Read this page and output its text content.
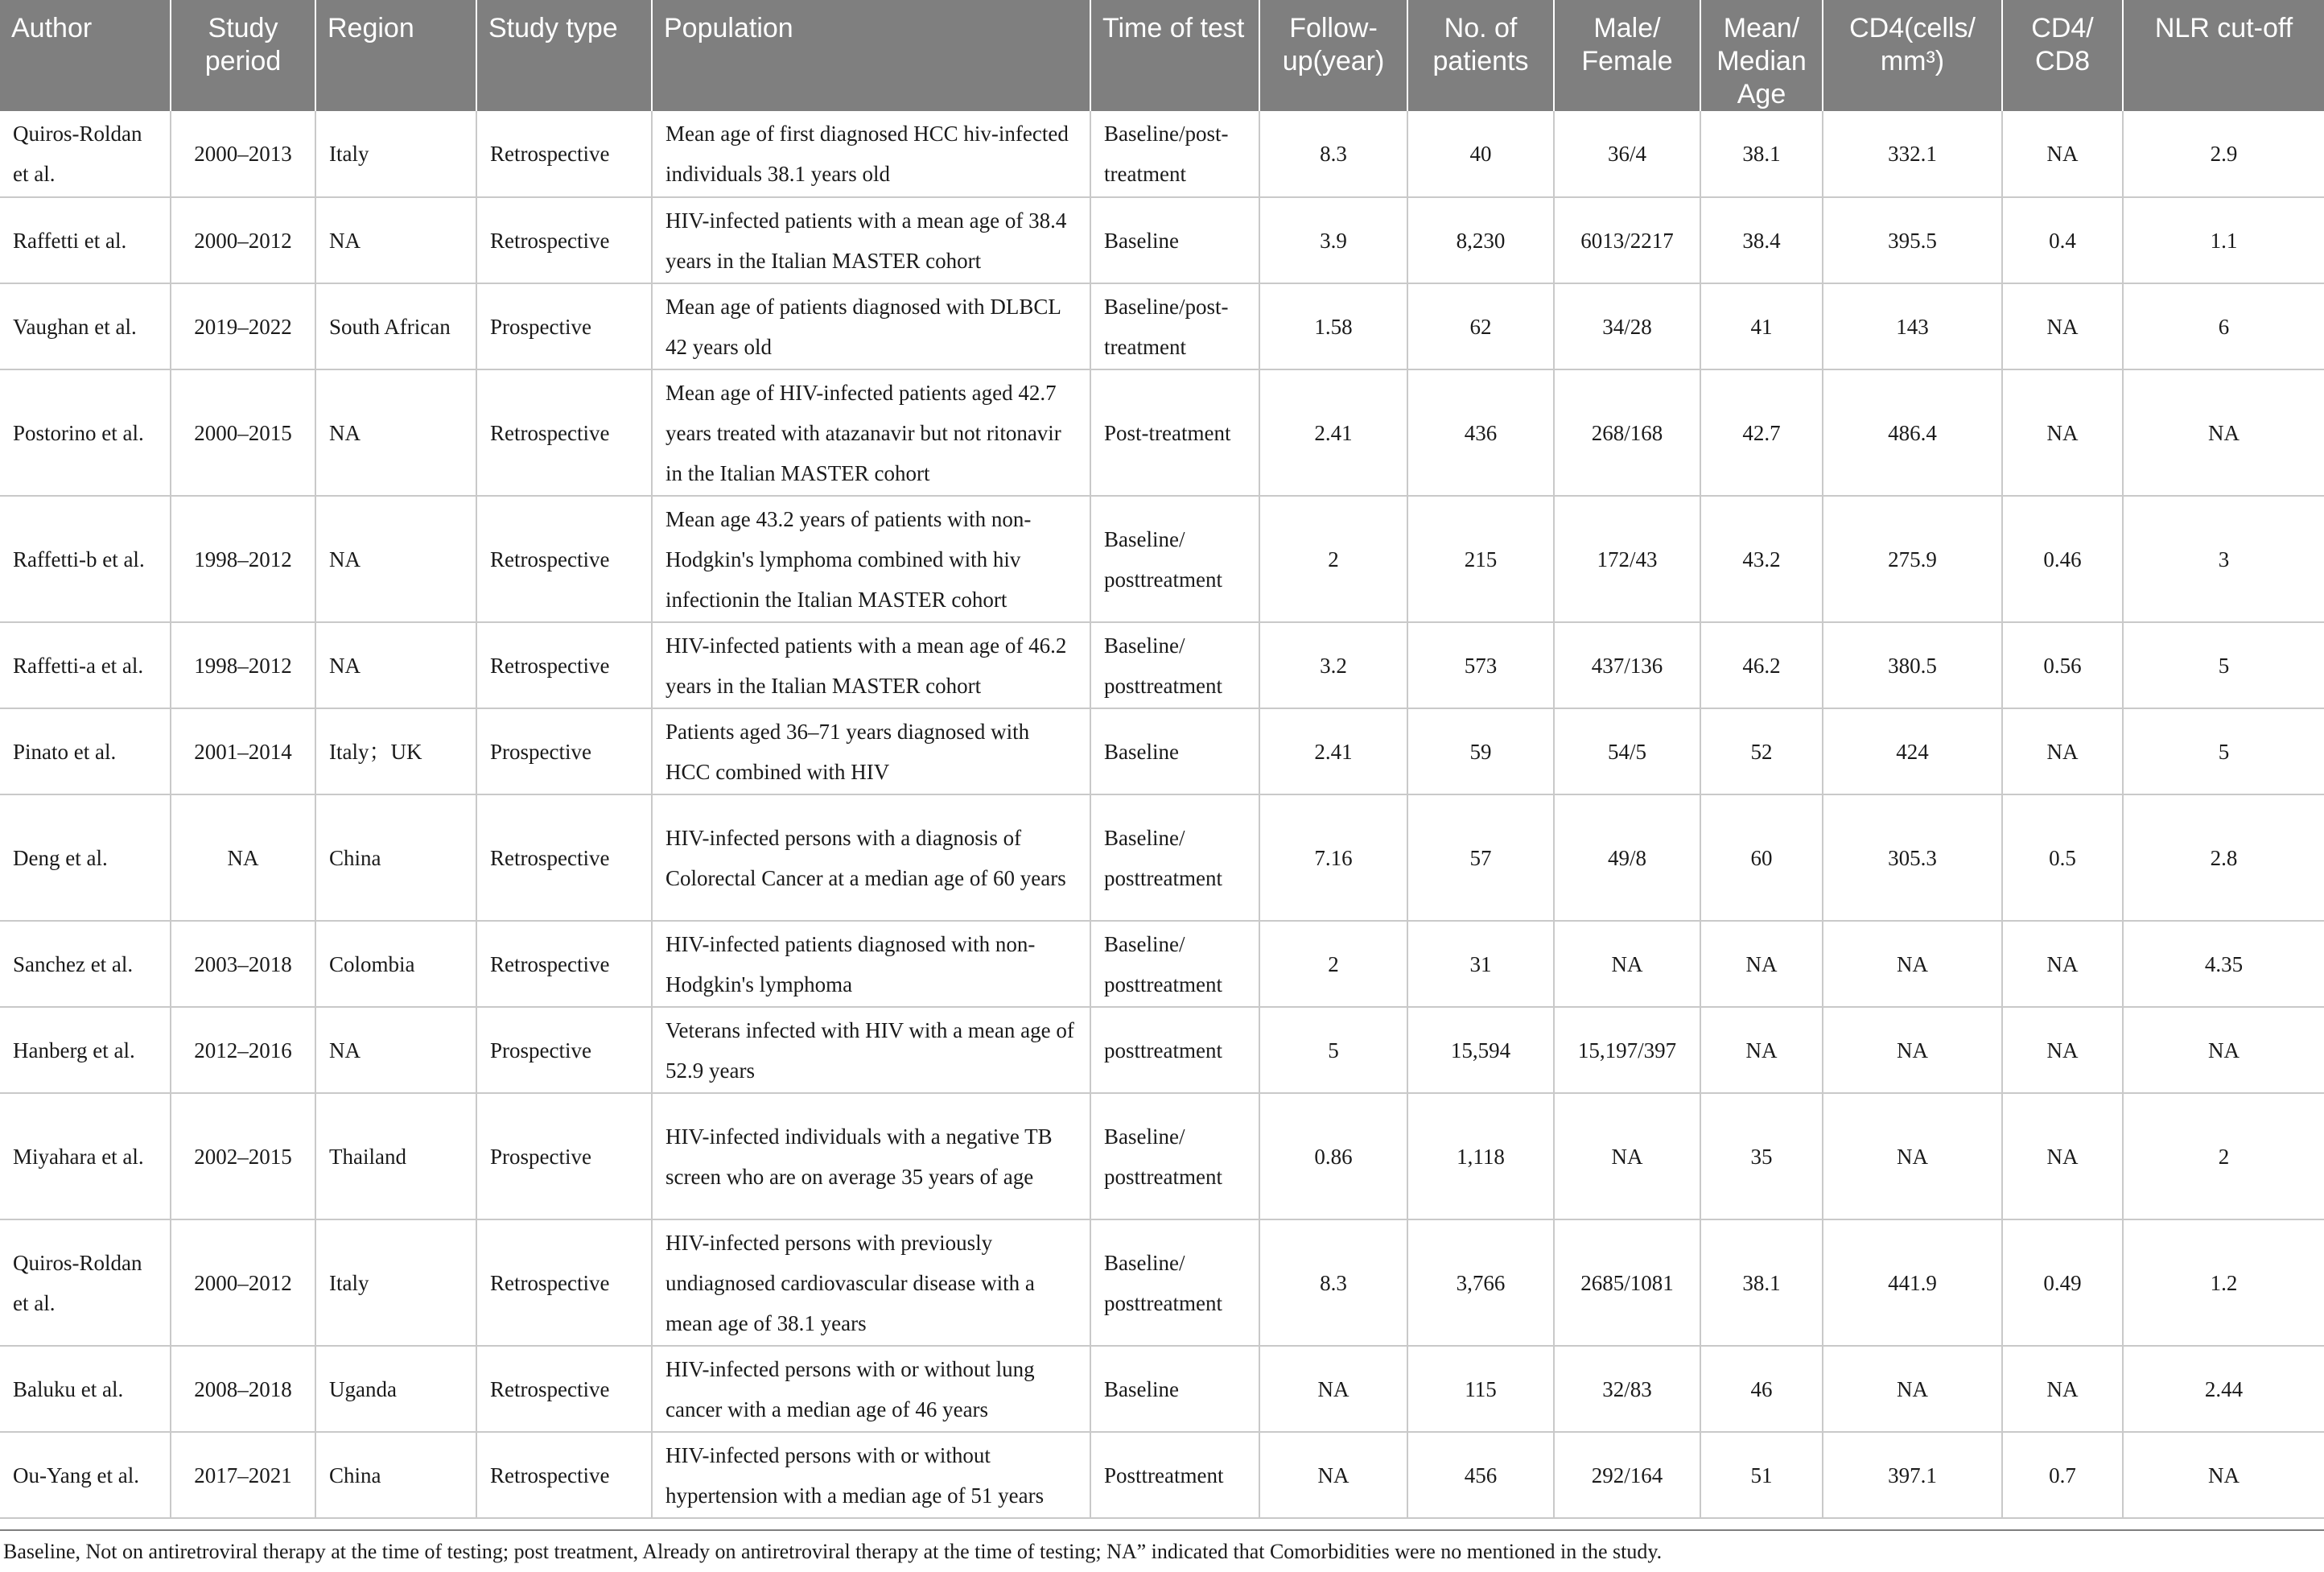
Author	Study period	Region	Study type	Population	Time of test	Follow-up(year)	No. of patients	Male/ Female	Mean/ Median Age	CD4(cells/ mm³)	CD4/ CD8	NLR cut-off
Quiros-Roldan et al.	2000–2013	Italy	Retrospective	Mean age of first diagnosed HCC hiv-infected individuals 38.1 years old	Baseline/post-treatment	8.3	40	36/4	38.1	332.1	NA	2.9
Raffetti et al.	2000–2012	NA	Retrospective	HIV-infected patients with a mean age of 38.4 years in the Italian MASTER cohort	Baseline	3.9	8,230	6013/2217	38.4	395.5	0.4	1.1
Vaughan et al.	2019–2022	South African	Prospective	Mean age of patients diagnosed with DLBCL 42 years old	Baseline/post-treatment	1.58	62	34/28	41	143	NA	6
Postorino et al.	2000–2015	NA	Retrospective	Mean age of HIV-infected patients aged 42.7 years treated with atazanavir but not ritonavir in the Italian MASTER cohort	Post-treatment	2.41	436	268/168	42.7	486.4	NA	NA
Raffetti-b et al.	1998–2012	NA	Retrospective	Mean age 43.2 years of patients with non-Hodgkin's lymphoma combined with hiv infectionin the Italian MASTER cohort	Baseline/ posttreatment	2	215	172/43	43.2	275.9	0.46	3
Raffetti-a et al.	1998–2012	NA	Retrospective	HIV-infected patients with a mean age of 46.2 years in the Italian MASTER cohort	Baseline/ posttreatment	3.2	573	437/136	46.2	380.5	0.56	5
Pinato et al.	2001–2014	Italy；UK	Prospective	Patients aged 36–71 years diagnosed with HCC combined with HIV	Baseline	2.41	59	54/5	52	424	NA	5
Deng et al.	NA	China	Retrospective	HIV-infected persons with a diagnosis of Colorectal Cancer at a median age of 60 years	Baseline/ posttreatment	7.16	57	49/8	60	305.3	0.5	2.8
Sanchez et al.	2003–2018	Colombia	Retrospective	HIV-infected patients diagnosed with non-Hodgkin's lymphoma	Baseline/ posttreatment	2	31	NA	NA	NA	NA	4.35
Hanberg et al.	2012–2016	NA	Prospective	Veterans infected with HIV with a mean age of 52.9 years	posttreatment	5	15,594	15,197/397	NA	NA	NA	NA
Miyahara et al.	2002–2015	Thailand	Prospective	HIV-infected individuals with a negative TB screen who are on average 35 years of age	Baseline/ posttreatment	0.86	1,118	NA	35	NA	NA	2
Quiros-Roldan et al.	2000–2012	Italy	Retrospective	HIV-infected persons with previously undiagnosed cardiovascular disease with a mean age of 38.1 years	Baseline/ posttreatment	8.3	3,766	2685/1081	38.1	441.9	0.49	1.2
Baluku et al.	2008–2018	Uganda	Retrospective	HIV-infected persons with or without lung cancer with a median age of 46 years	Baseline	NA	115	32/83	46	NA	NA	2.44
Ou-Yang et al.	2017–2021	China	Retrospective	HIV-infected persons with or without hypertension with a median age of 51 years	Posttreatment	NA	456	292/164	51	397.1	0.7	NA
Baseline, Not on antiretroviral therapy at the time of testing; post treatment, Already on antiretroviral therapy at the time of testing; NA” indicated that Comorbidities were no mentioned in the study.
